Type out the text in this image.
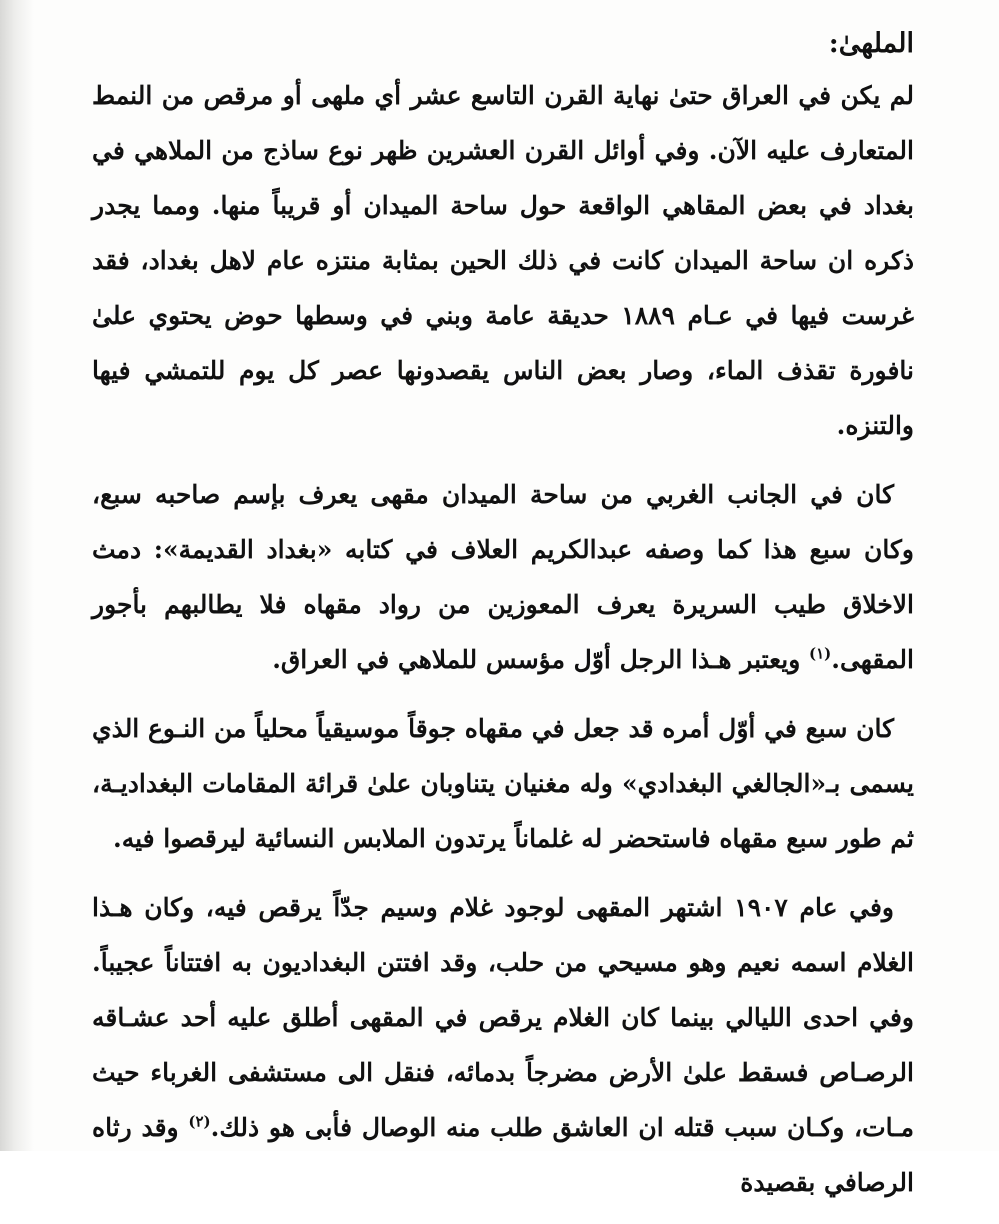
الملهىٰ:

لم يكن في العراق حتىٰ نهاية القرن التاسع عشر أي ملهى أو مرقص من النمط المتعارف عليه الآن. وفي أوائل القرن العشرين ظهر نوع ساذج من الملاهي في بغداد في بعض المقاهي الواقعة حول ساحة الميدان أو قريباً منها. ومما يجدر ذكره ان ساحة الميدان كانت في ذلك الحين بمثابة منتزه عام لاهل بغداد، فقد غرست فيها في عـام ١٨٨٩ حديقة عامة وبني في وسطها حوض يحتوي علىٰ نافورة تقذف الماء، وصار بعض الناس يقصدونها عصر كل يوم للتمشي فيها والتنزه.

كان في الجانب الغربي من ساحة الميدان مقهى يعرف بإسم صاحبه سبع، وكان سبع هذا كما وصفه عبدالكريم العلاف في كتابه «بغداد القديمة»: دمث الاخلاق طيب السريرة يعرف المعوزين من رواد مقهاه فلا يطالبهم بأجور المقهى.$^{(١)}$ ويعتبر هـذا الرجل أوّل مؤسس للملاهي في العراق.

كان سبع في أوّل أمره قد جعل في مقهاه جوقاً موسيقياً محلياً من النـوع الذي يسمى بـ«الجالغي البغدادي» وله مغنيان يتناوبان علىٰ قرائة المقامات البغداديـة، ثم طور سبع مقهاه فاستحضر له غلماناً يرتدون الملابس النسائية ليرقصوا فيه.

وفي عام ١٩٠٧ اشتهر المقهى لوجود غلام وسيم جدّاً يرقص فيه، وكان هـذا الغلام اسمه نعيم وهو مسيحي من حلب، وقد افتتن البغداديون به افتتاناً عجيباً. وفي احدى الليالي بينما كان الغلام يرقص في المقهى أطلق عليه أحد عشـاقه الرصـاص فسقط علىٰ الأرض مضرجاً بدمائه، فنقل الى مستشفى الغرباء حيث مـات، وكـان سبب قتله ان العاشق طلب منه الوصال فأبى هو ذلك.$^{(٢)}$ وقد رثاه الرصافي بقصيدة
